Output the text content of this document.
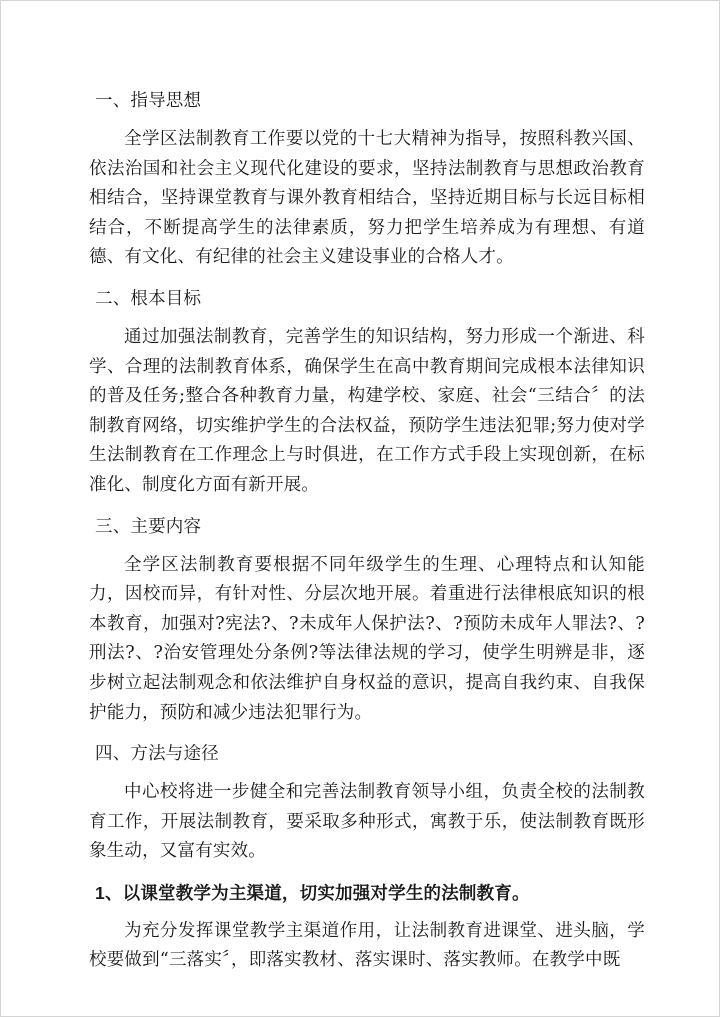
一、指导思想

全学区法制教育工作要以党的十七大精神为指导，按照科教兴国、依法治国和社会主义现代化建设的要求，坚持法制教育与思想政治教育相结合，坚持课堂教育与课外教育相结合，坚持近期目标与长远目标相结合，不断提高学生的法律素质，努力把学生培养成为有理想、有道德、有文化、有纪律的社会主义建设事业的合格人才。

二、根本目标

通过加强法制教育，完善学生的知识结构，努力形成一个渐进、科学、合理的法制教育体系，确保学生在高中教育期间完成根本法律知识的普及任务;整合各种教育力量，构建学校、家庭、社会“三结合〞的法制教育网络，切实维护学生的合法权益，预防学生违法犯罪;努力使对学生法制教育在工作理念上与时俱进，在工作方式手段上实现创新，在标准化、制度化方面有新开展。

三、主要内容

全学区法制教育要根据不同年级学生的生理、心理特点和认知能力，因校而异，有针对性、分层次地开展。着重进行法律根底知识的根本教育，加强对?宪法?、?未成年人保护法?、?预防未成年人罪法?、?刑法?、?治安管理处分条例?等法律法规的学习，使学生明辨是非，逐步树立起法制观念和依法维护自身权益的意识，提高自我约束、自我保护能力，预防和减少违法犯罪行为。

四、方法与途径

中心校将进一步健全和完善法制教育领导小组，负责全校的法制教育工作，开展法制教育，要采取多种形式，寓教于乐，使法制教育既形象生动，又富有实效。

1、以课堂教学为主渠道，切实加强对学生的法制教育。

为充分发挥课堂教学主渠道作用，让法制教育进课堂、进头脑，学校要做到“三落实〞，即落实教材、落实课时、落实教师。在教学中既
